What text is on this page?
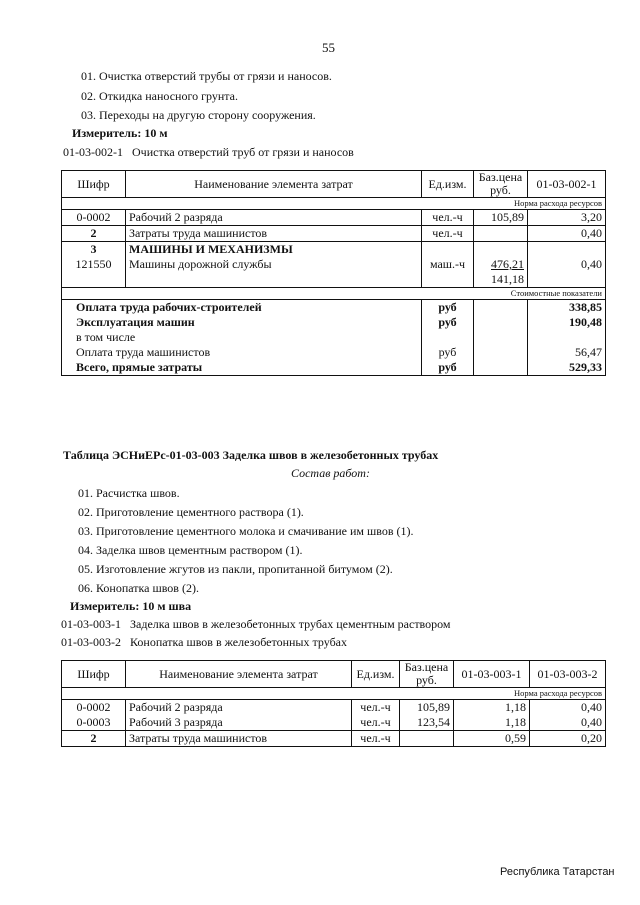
55
01. Очистка отверстий трубы от грязи и наносов.
02. Откидка наносного грунта.
03. Переходы на другую сторону сооружения.
Измеритель: 10 м
01-03-002-1 Очистка отверстий труб от грязи и наносов
Шифр	Наименование элемента затрат	Ед.изм.	Баз.цена
руб.	01-03-002-1
Норма расхода ресурсов				
0-0002	Рабочий 2 разряда	чел.-ч	105,89	3,20
2	Затраты труда машинистов	чел.-ч		0,40
3	МАШИНЫ И МЕХАНИЗМЫ			
121550	Машины дорожной службы	маш.-ч	476,21	0,40
			141,18	
Стоимостные показатели				
Оплата труда рабочих-строителей		руб		338,85
Эксплуатация машин		руб		190,48
в том числе				
Оплата труда машинистов		руб		56,47
Всего, прямые затраты		руб		529,33
Таблица ЭСНиЕРс-01-03-003 Заделка швов в железобетонных трубах
Состав работ:
01. Расчистка швов.
02. Приготовление цементного раствора (1).
03. Приготовление цементного молока и смачивание им швов (1).
04. Заделка швов цементным раствором (1).
05. Изготовление жгутов из пакли, пропитанной битумом (2).
06. Конопатка швов (2).
Измеритель: 10 м шва
01-03-003-1 Заделка швов в железобетонных трубах цементным раствором
01-03-003-2 Конопатка швов в железобетонных трубах
Шифр	Наименование элемента затрат	Ед.изм.	Баз.цена
руб.	01-03-003-1	01-03-003-2
Норма расхода ресурсов					
0-0002	Рабочий 2 разряда	чел.-ч	105,89	1,18	0,40
0-0003	Рабочий 3 разряда	чел.-ч	123,54	1,18	0,40
2	Затраты труда машинистов	чел.-ч		0,59	0,20
Республика Татарстан
